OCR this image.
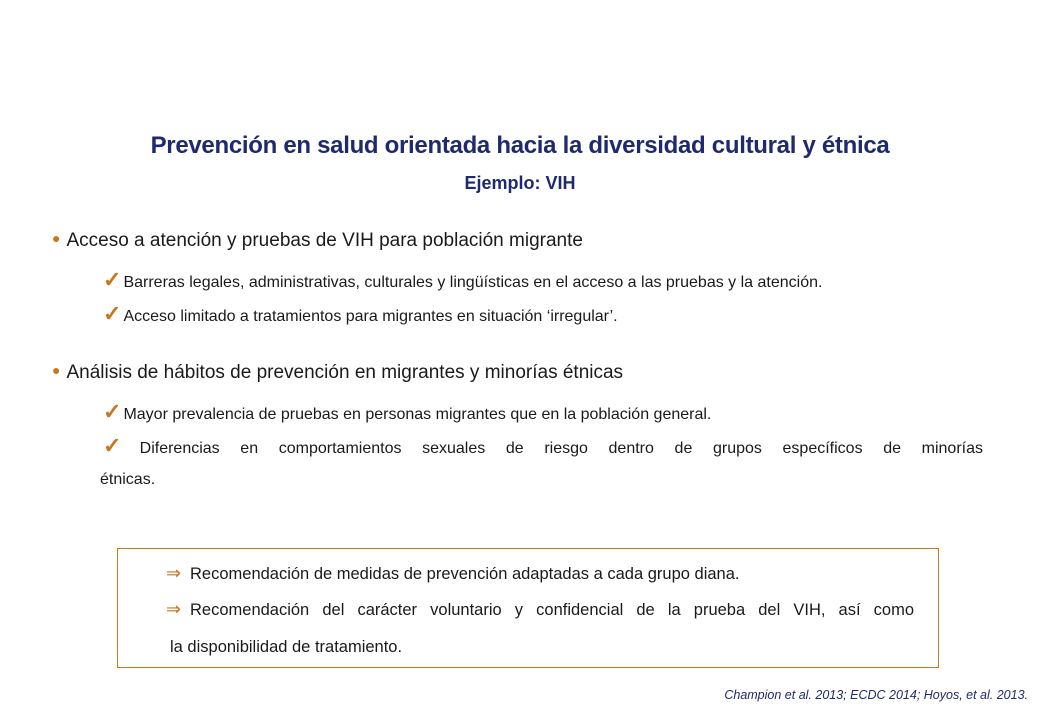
Prevención en salud orientada hacia la diversidad cultural y étnica
Ejemplo: VIH
● Acceso a atención y pruebas de VIH para población migrante
✓ Barreras legales, administrativas, culturales y lingüísticas en el acceso a las pruebas y la atención.
✓ Acceso limitado a tratamientos para migrantes en situación ‘irregular’.
● Análisis de hábitos de prevención en migrantes y minorías étnicas
✓ Mayor prevalencia de pruebas en personas migrantes que en la población general.
✓ Diferencias en comportamientos sexuales de riesgo dentro de grupos específicos de minorías
étnicas.
⇒ Recomendación de medidas de prevención adaptadas a cada grupo diana.
⇒ Recomendación del carácter voluntario y confidencial de la prueba del VIH, así como
la disponibilidad de tratamiento.
Champion et al. 2013; ECDC 2014; Hoyos, et al. 2013.
